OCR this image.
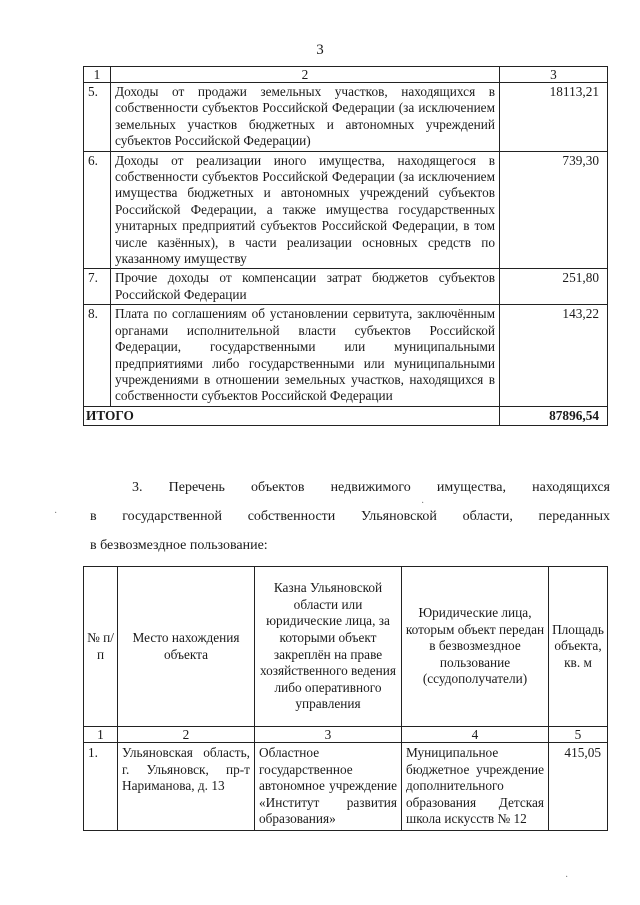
3
1	2	3
5.	Доходы от продажи земельных участков, находящихся в собственности субъектов Российской Федерации (за исключением земельных участков бюджетных и автономных учреждений субъектов Российской Федерации)	18113,21
6.	Доходы от реализации иного имущества, находящегося в собственности субъектов Российской Федерации (за исключением имущества бюджетных и автономных учреждений субъектов Российской Федерации, а также имущества государственных унитарных предприятий субъектов Российской Федерации, в том числе казённых), в части реализации основных средств по указанному имуществу	739,30
7.	Прочие доходы от компенсации затрат бюджетов субъектов Российской Федерации	251,80
8.	Плата по соглашениям об установлении сервитута, заключённым органами исполнительной власти субъектов Российской Федерации, государственными или муниципальными предприятиями либо государственными или муниципальными учреждениями в отношении земельных участков, находящихся в собственности субъектов Российской Федерации	143,22
ИТОГО		87896,54
3. Перечень объектов недвижимого имущества, находящихся
в государственной собственности Ульяновской области, переданных
в безвозмездное пользование:
№ п/п	Место нахождения объекта	Казна Ульяновской области или юридические лица, за которыми объект закреплён на праве хозяйственного ведения либо оперативного управления	Юридические лица, которым объект передан в безвозмездное пользование (ссудополучатели)	Площадь объекта, кв. м
1	2	3	4	5
1.	Ульяновская область, г. Ульяновск, пр-т Нариманова, д. 13	Областное государственное автономное учреждение «Институт развития образования»	Муниципальное бюджетное учреждение дополнительного образования Детская школа искусств № 12	415,05
·
·
·
